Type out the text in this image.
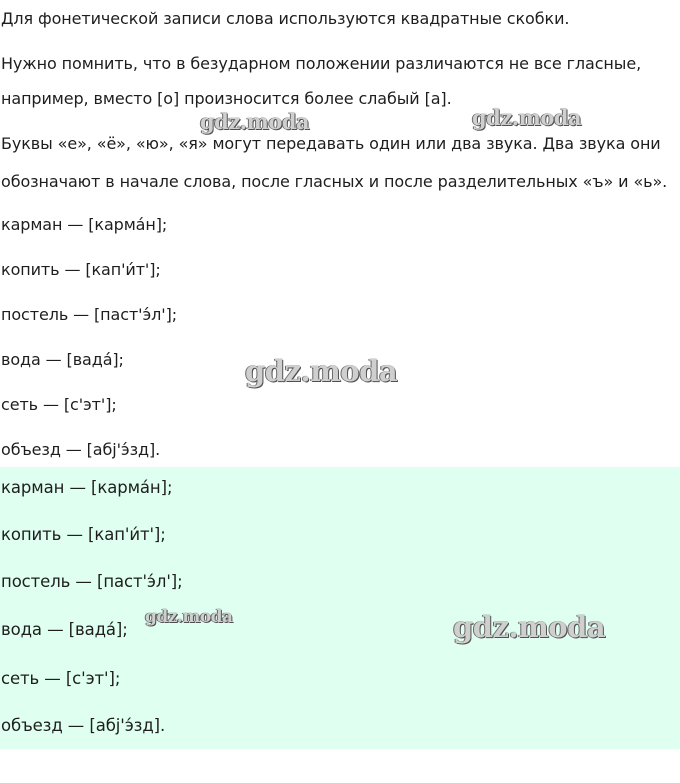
Для фонетической записи слова используются квадратные скобки.
Нужно помнить, что в безударном положении различаются не все гласные,
например, вместо [о] произносится более слабый [а].
Буквы «е», «ё», «ю», «я» могут передавать один или два звука. Два звука они
обозначают в начале слова, после гласных и после разделительных «ъ» и «ь».
карман — [карма́н];
копить — [кап'и́т'];
постель — [паст'э́л'];
вода — [вада́];
сеть — [с'эт'];
объезд — [абј'э́зд].
карман — [карма́н];
копить — [кап'и́т'];
постель — [паст'э́л'];
вода — [вада́];
сеть — [с'эт'];
объезд — [абј'э́зд].
gdz.moda	gdz.moda
gdz.moda
gdz.moda	gdz.moda
